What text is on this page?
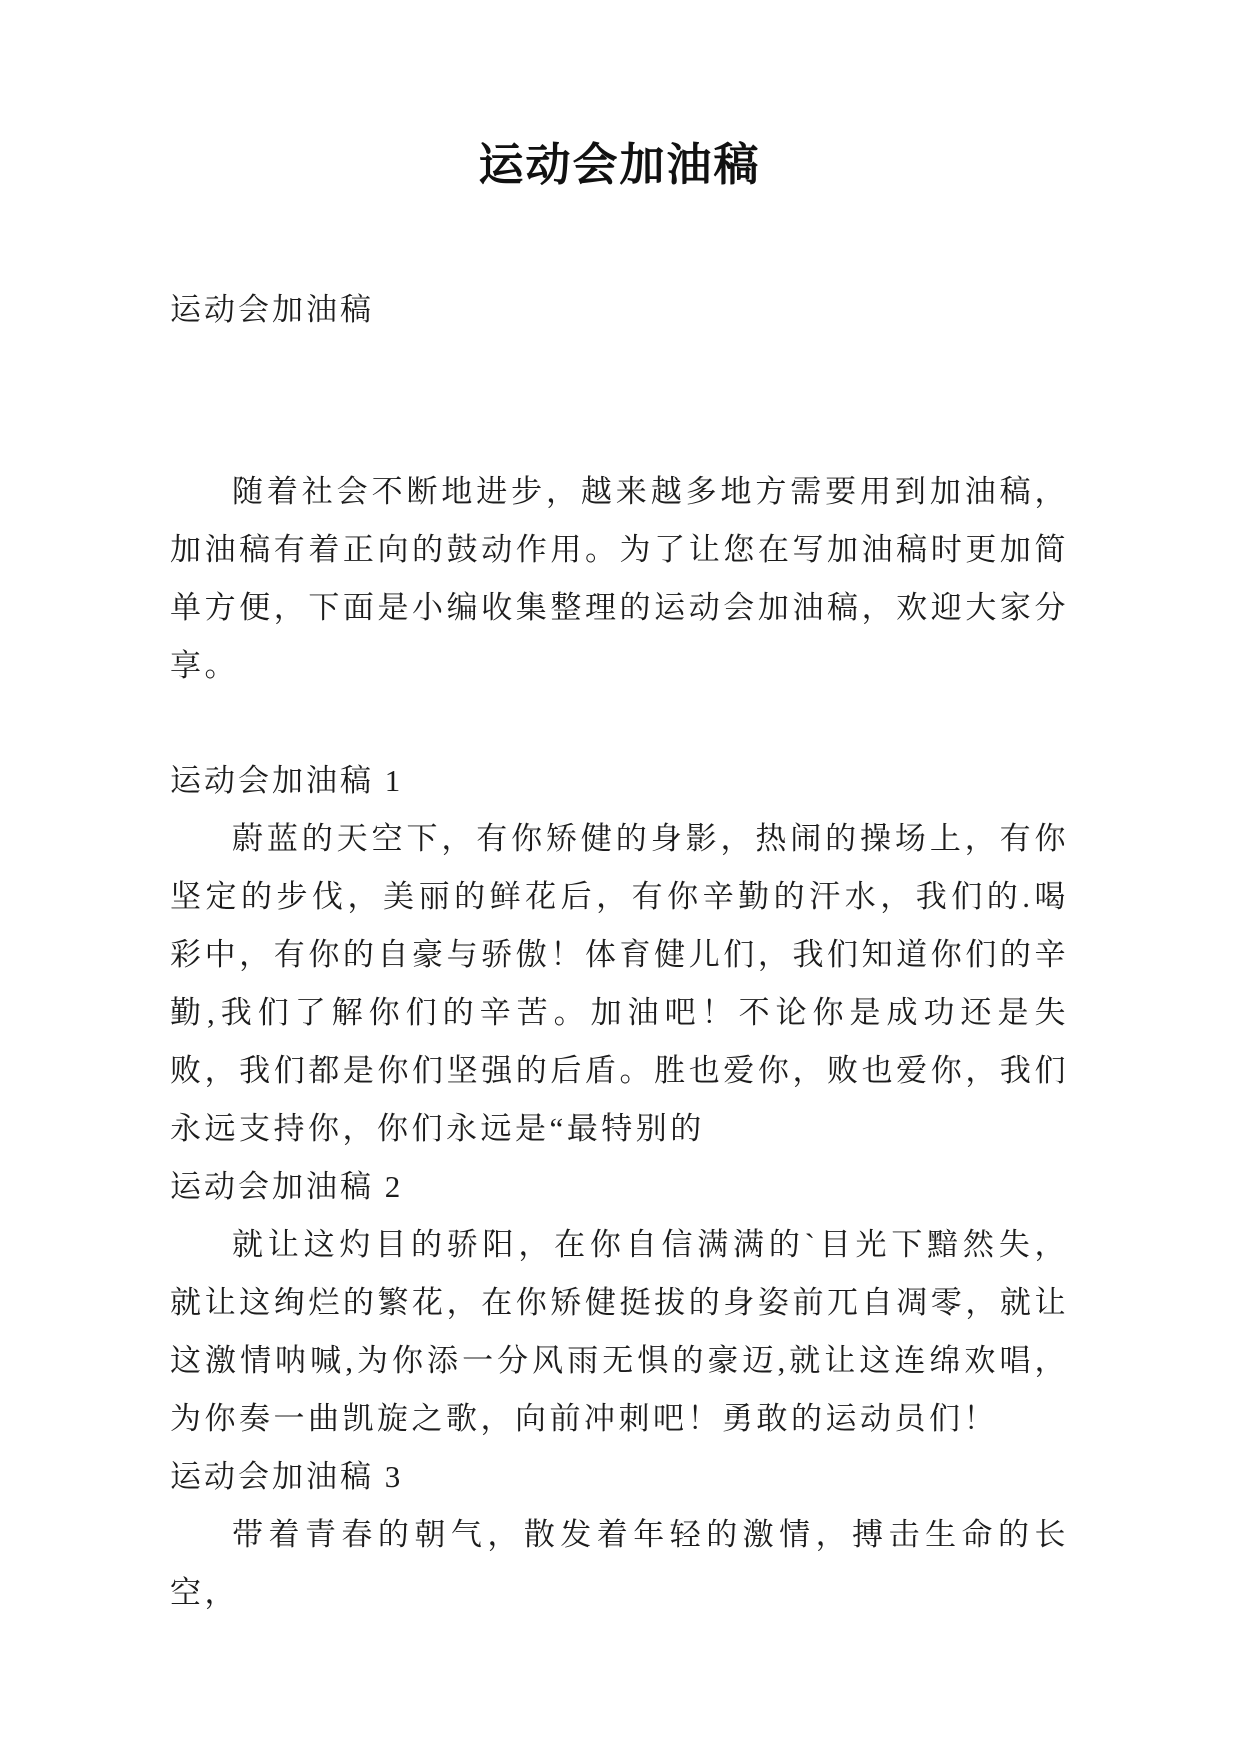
运动会加油稿

运动会加油稿

随着社会不断地进步，越来越多地方需要用到加油稿，加油稿有着正向的鼓动作用。为了让您在写加油稿时更加简单方便，下面是小编收集整理的运动会加油稿，欢迎大家分享。

运动会加油稿 1

蔚蓝的天空下，有你矫健的身影，热闹的操场上，有你坚定的步伐，美丽的鲜花后，有你辛勤的汗水，我们的.喝彩中，有你的自豪与骄傲！体育健儿们，我们知道你们的辛勤,我们了解你们的辛苦。加油吧！不论你是成功还是失败，我们都是你们坚强的后盾。胜也爱你，败也爱你，我们永远支持你，你们永远是“最特别的

运动会加油稿 2

就让这灼目的骄阳，在你自信满满的`目光下黯然失，就让这绚烂的繁花，在你矫健挺拔的身姿前兀自凋零，就让这激情呐喊,为你添一分风雨无惧的豪迈,就让这连绵欢唱，为你奏一曲凯旋之歌，向前冲刺吧！勇敢的运动员们！

运动会加油稿 3

带着青春的朝气，散发着年轻的激情，搏击生命的长空，
